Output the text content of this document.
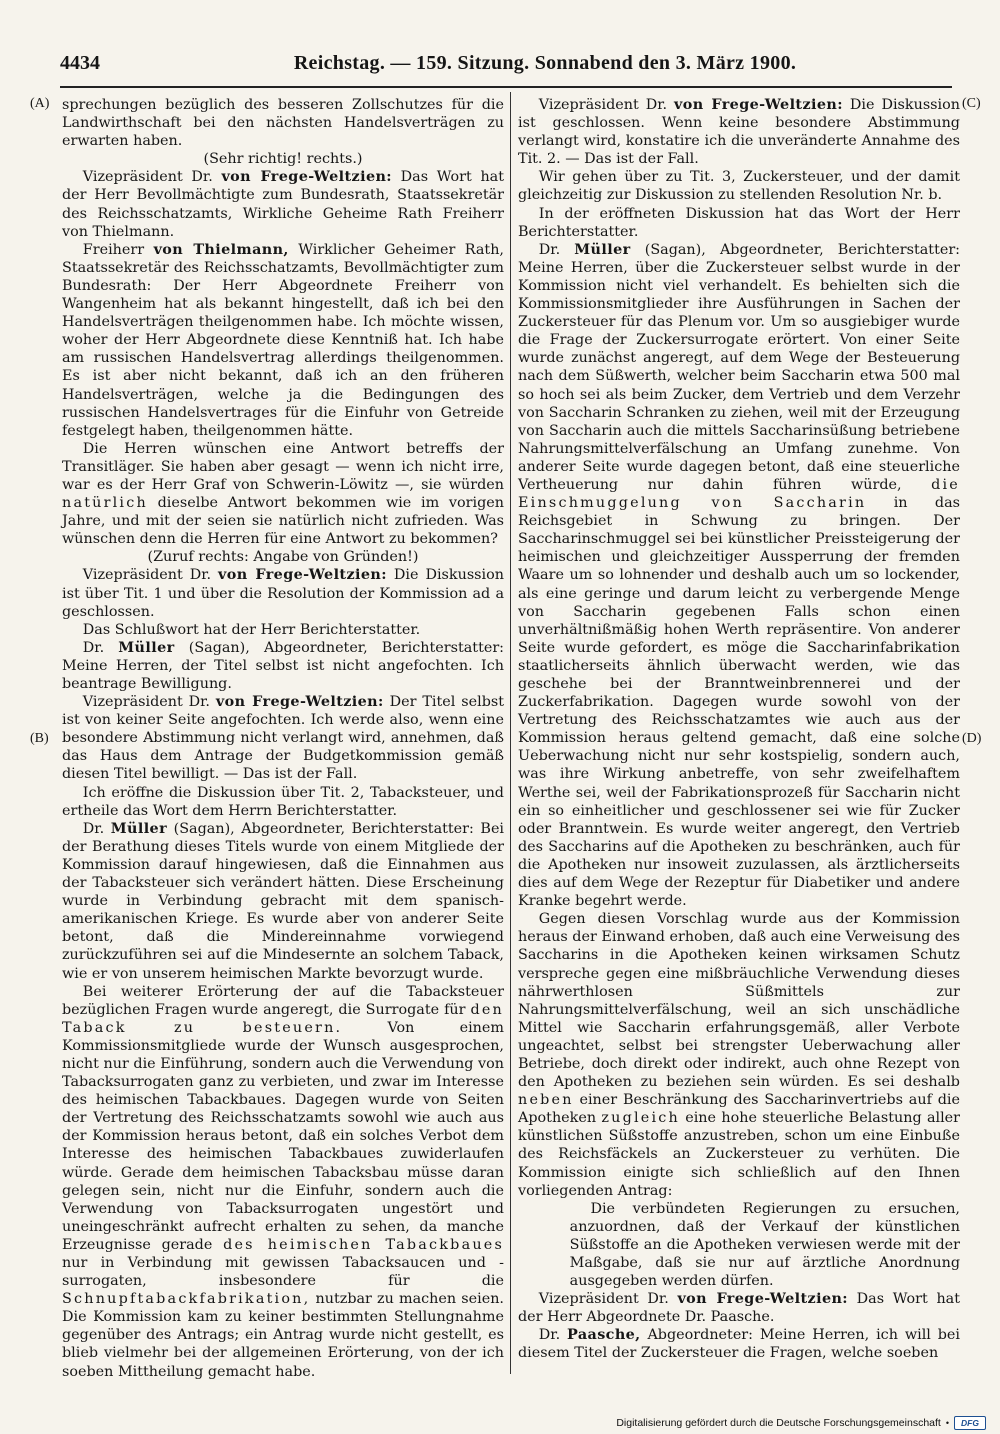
4434	Reichstag. — 159. Sitzung. Sonnabend den 3. März 1900.
(A)
(B)
(C)
(D)

sprechungen bezüglich des besseren Zollschutzes für die Landwirthschaft bei den nächsten Handelsverträgen zu erwarten haben.

(Sehr richtig! rechts.)

Vizepräsident Dr. von Frege-Weltzien: Das Wort hat der Herr Bevollmächtigte zum Bundesrath, Staatssekretär des Reichsschatzamts, Wirkliche Geheime Rath Freiherr von Thielmann.

Freiherr von Thielmann, Wirklicher Geheimer Rath, Staatssekretär des Reichsschatzamts, Bevollmächtigter zum Bundesrath: Der Herr Abgeordnete Freiherr von Wangenheim hat als bekannt hingestellt, daß ich bei den Handelsverträgen theilgenommen habe. Ich möchte wissen, woher der Herr Abgeordnete diese Kenntniß hat. Ich habe am russischen Handelsvertrag allerdings theilgenommen. Es ist aber nicht bekannt, daß ich an den früheren Handelsverträgen, welche ja die Bedingungen des russischen Handelsvertrages für die Einfuhr von Getreide festgelegt haben, theilgenommen hätte.

Die Herren wünschen eine Antwort betreffs der Transitläger. Sie haben aber gesagt — wenn ich nicht irre, war es der Herr Graf von Schwerin-Löwitz —, sie würden natürlich dieselbe Antwort bekommen wie im vorigen Jahre, und mit der seien sie natürlich nicht zufrieden. Was wünschen denn die Herren für eine Antwort zu bekommen?

(Zuruf rechts: Angabe von Gründen!)

Vizepräsident Dr. von Frege-Weltzien: Die Diskussion ist über Tit. 1 und über die Resolution der Kommission ad a geschlossen.

Das Schlußwort hat der Herr Berichterstatter.

Dr. Müller (Sagan), Abgeordneter, Berichterstatter: Meine Herren, der Titel selbst ist nicht angefochten. Ich beantrage Bewilligung.

Vizepräsident Dr. von Frege-Weltzien: Der Titel selbst ist von keiner Seite angefochten. Ich werde also, wenn eine besondere Abstimmung nicht verlangt wird, annehmen, daß das Haus dem Antrage der Budgetkommission gemäß diesen Titel bewilligt. — Das ist der Fall.

Ich eröffne die Diskussion über Tit. 2, Tabacksteuer, und ertheile das Wort dem Herrn Berichterstatter.

Dr. Müller (Sagan), Abgeordneter, Berichterstatter: Bei der Berathung dieses Titels wurde von einem Mitgliede der Kommission darauf hingewiesen, daß die Einnahmen aus der Tabacksteuer sich verändert hätten. Diese Erscheinung wurde in Verbindung gebracht mit dem spanisch-amerikanischen Kriege. Es wurde aber von anderer Seite betont, daß die Mindereinnahme vorwiegend zurückzuführen sei auf die Mindesernte an solchem Taback, wie er von unserem heimischen Markte bevorzugt wurde.

Bei weiterer Erörterung der auf die Tabacksteuer bezüglichen Fragen wurde angeregt, die Surrogate für den Taback zu besteuern.	Von einem Kommissionsmitgliede wurde der Wunsch ausgesprochen, nicht nur die Einführung, sondern auch die Verwendung von Tabacksurrogaten ganz zu verbieten, und zwar im Interesse des heimischen Tabackbaues. Dagegen wurde von Seiten der Vertretung des Reichsschatzamts sowohl wie auch aus der Kommission heraus betont, daß ein solches Verbot dem Interesse des heimischen Tabackbaues zuwiderlaufen würde. Gerade dem heimischen Tabacksbau müsse daran gelegen sein, nicht nur die Einfuhr, sondern auch die Verwendung von Tabacksurrogaten ungestört und uneingeschränkt aufrecht erhalten zu sehen, da manche Erzeugnisse gerade des heimischen Tabackbaues nur in Verbindung mit gewissen Tabacksaucen und -surrogaten, insbesondere für die Schnupftabackfabrikation, nutzbar zu machen seien. Die Kommission kam zu keiner bestimmten Stellungnahme gegenüber des Antrags; ein Antrag wurde nicht gestellt, es blieb vielmehr bei der allgemeinen Erörterung, von der ich soeben Mittheilung gemacht habe.

Vizepräsident Dr. von Frege-Weltzien: Die Diskussion ist geschlossen. Wenn keine besondere Abstimmung verlangt wird, konstatire ich die unveränderte Annahme des Tit. 2. — Das ist der Fall.

Wir gehen über zu Tit. 3, Zuckersteuer, und der damit gleichzeitig zur Diskussion zu stellenden Resolution Nr. b.

In der eröffneten Diskussion hat das Wort der Herr Berichterstatter.

Dr. Müller (Sagan), Abgeordneter, Berichterstatter: Meine Herren, über die Zuckersteuer selbst wurde in der Kommission nicht viel verhandelt. Es behielten sich die Kommissionsmitglieder ihre Ausführungen in Sachen der Zuckersteuer für das Plenum vor. Um so ausgiebiger wurde die Frage der Zuckersurrogate erörtert. Von einer Seite wurde zunächst angeregt, auf dem Wege der Besteuerung nach dem Süßwerth, welcher beim Saccharin etwa 500 mal so hoch sei als beim Zucker, dem Vertrieb und dem Verzehr von Saccharin Schranken zu ziehen, weil mit der Erzeugung von Saccharin auch die mittels Saccharinsüßung betriebene Nahrungsmittelverfälschung an Umfang zunehme. Von anderer Seite wurde dagegen betont, daß eine steuerliche Vertheuerung nur dahin führen würde, die Einschmuggelung von Saccharin in das Reichsgebiet in Schwung zu bringen. Der Saccharinschmuggel sei bei künstlicher Preissteigerung der heimischen und gleichzeitiger Aussperrung der fremden Waare um so lohnender und deshalb auch um so lockender, als eine geringe und darum leicht zu verbergende Menge von Saccharin gegebenen Falls schon einen unverhältnißmäßig hohen Werth repräsentire. Von anderer Seite wurde gefordert, es möge die Saccharinfabrikation staatlicherseits ähnlich überwacht werden, wie das geschehe bei der Branntweinbrennerei und der Zuckerfabrikation. Dagegen wurde sowohl von der Vertretung des Reichsschatzamtes wie auch aus der Kommission heraus geltend gemacht, daß eine solche Ueberwachung nicht nur sehr kostspielig, sondern auch, was ihre Wirkung anbetreffe, von sehr zweifelhaftem Werthe sei, weil der Fabrikationsprozeß für Saccharin nicht ein so einheitlicher und geschlossener sei wie für Zucker oder Branntwein. Es wurde weiter angeregt, den Vertrieb des Saccharins auf die Apotheken zu beschränken, auch für die Apotheken nur insoweit zuzulassen, als ärztlicherseits dies auf dem Wege der Rezeptur für Diabetiker und andere Kranke begehrt werde.

Gegen diesen Vorschlag wurde aus der Kommission heraus der Einwand erhoben, daß auch eine Verweisung des Saccharins in die Apotheken keinen wirksamen Schutz verspreche gegen eine mißbräuchliche Verwendung dieses nährwerthlosen Süßmittels zur Nahrungsmittelverfälschung, weil an sich unschädliche Mittel wie Saccharin erfahrungsgemäß, aller Verbote ungeachtet, selbst bei strengster Ueberwachung aller Betriebe, doch direkt oder indirekt, auch ohne Rezept von den Apotheken zu beziehen sein würden. Es sei deshalb neben einer Beschränkung des Saccharinvertriebs auf die Apotheken zugleich eine hohe steuerliche Belastung aller künstlichen Süßstoffe anzustreben, schon um eine Einbuße des Reichsfäckels an Zuckersteuer zu verhüten. Die Kommission einigte sich schließlich auf den Ihnen vorliegenden Antrag:

Die verbündeten Regierungen zu ersuchen, anzuordnen, daß der Verkauf der künstlichen Süßstoffe an die Apotheken verwiesen werde mit der Maßgabe, daß sie nur auf ärztliche Anordnung ausgegeben werden dürfen.

Vizepräsident Dr. von Frege-Weltzien: Das Wort hat der Herr Abgeordnete Dr. Paasche.

Dr. Paasche, Abgeordneter: Meine Herren, ich will bei diesem Titel der Zuckersteuer die Fragen, welche soeben

Digitalisierung gefördert durch die Deutsche Forschungsgemeinschaft •	DFG
